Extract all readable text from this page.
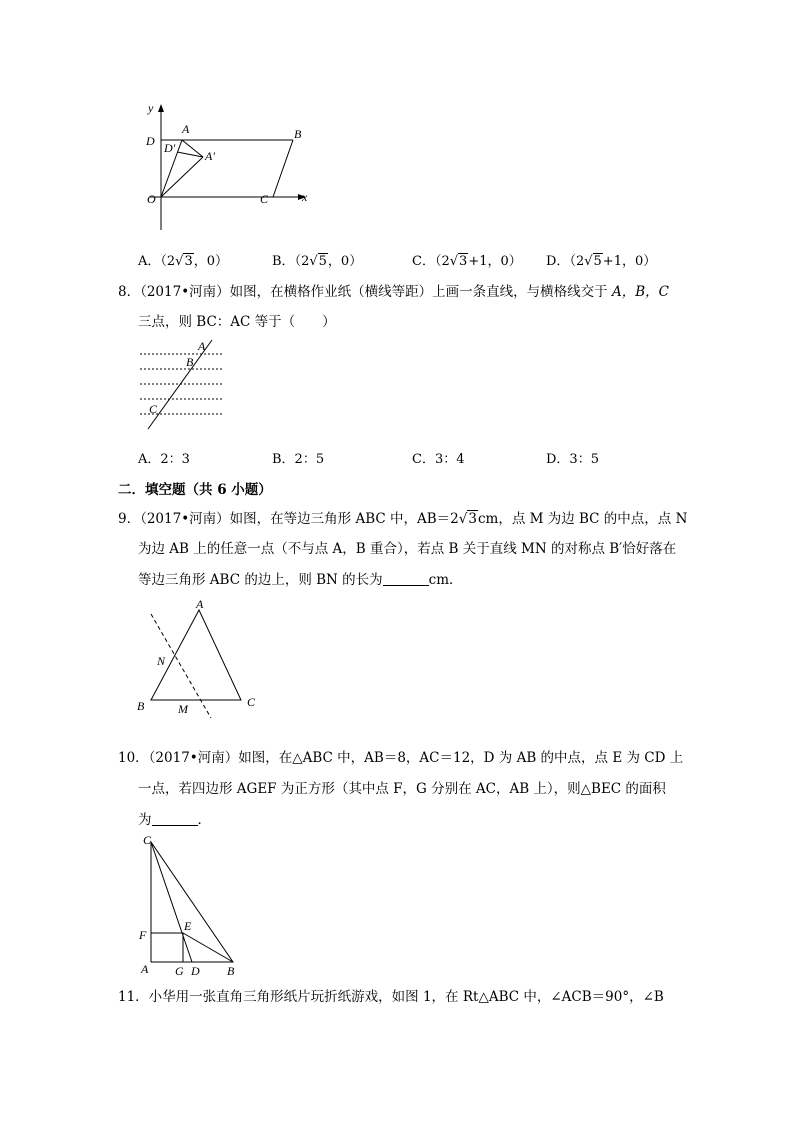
y
D
A	B
D′
A′
O	C	x
A．（2√3，0）	B．（2√5，0）	C．（2√3+1，0） D．（2√5+1，0）
8．（2017•河南）如图，在横格作业纸（横线等距）上画一条直线，与横格线交于 A，B，C
三点，则 BC：AC 等于（　　）
A
B
C
A．2：3	B．2：5	C．3：4	D．3：5
二．填空题（共 6 小题）
9．（2017•河南）如图，在等边三角形 ABC 中，AB＝2√3cm，点 M 为边 BC 的中点，点 N
为边 AB 上的任意一点（不与点 A，B 重合），若点 B 关于直线 MN 的对称点 B′恰好落在
等边三角形 ABC 的边上，则 BN 的长为	cm．
A
N
B	M	C
10．（2017•河南）如图，在△ABC 中，AB＝8，AC＝12，D 为 AB 的中点，点 E 为 CD 上
一点，若四边形 AGEF 为正方形（其中点 F，G 分别在 AC，AB 上），则△BEC 的面积
为	．
C
E
F
A G D B
11．小华用一张直角三角形纸片玩折纸游戏，如图 1，在 Rt△ABC 中，∠ACB＝90°，∠B
